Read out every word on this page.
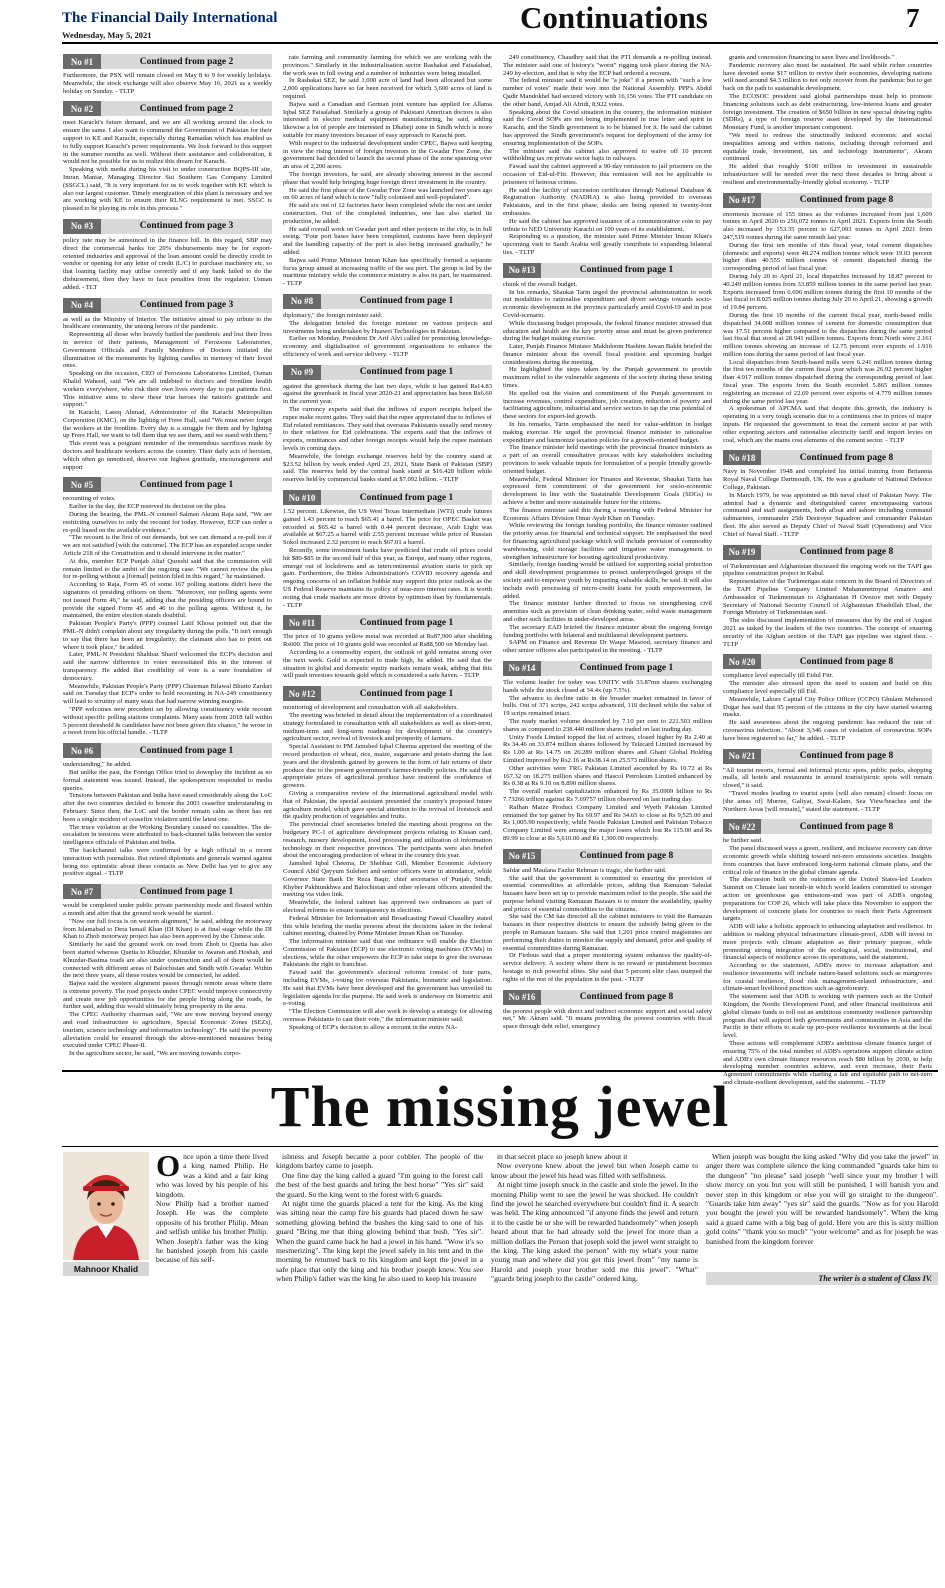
The Financial Daily International
Wednesday, May 5, 2021	Continuations	7
No #1	Continued from page 2

Furthermore, the PSX will remain closed on May 8 to 9 for weekly holidays. Meanwhile, the stock exchange will also observe May 16, 2021 as a weekly holiday on Sunday. - TLTP

No #2	Continued from page 2

meet Karachi's future demand, and we are all working around the clock to ensure the same. I also want to commend the Government of Pakistan for their support to KE and Karachi, especially during Ramadan which has enabled us to fully support Karachi's power requirements. We look forward to this support in the summer months as well. Without their assistance and collaboration, it would not be possible for us to realize this dream for Karachi.

Speaking with media during his visit to under construction BQPS-III site, Imran Maniar, Managing Director Sui Southern Gas Company Limited (SSGCL) said, "It is very important for us to work together with KE which is also our largest customer. Timely energization of this plant is necessary and we are working with KE to ensure their RLNG requirement is met. SSGC is pleased to be playing its role in this process."

No #3	Continued from page 3

policy rate may be announced in the finance bill. In this regard, SBP may direct the commercial banks for 20% disbursements may be for export-oriented industries and approval of the loan amount could be directly credit to vendor or opening for any letter of credit (L/C) to purchase machinery etc. so that loaning facility may utilise correctly and if any bank failed to do the disbursement, then they have to face penalties from the regulator. Usman added. - TLT

No #4	Continued from page 3

as well as the Ministry of Interior. The initiative aimed to pay tribute to the healthcare community, the unsung heroes of the pandemic.

Representing all those who bravely battled the pandemic and lost their lives in service of their patients, Management of Ferozsons Laboratories, Government Officials and Family Members of Doctors initiated the illumination of the monuments by lighting candles in memory of their loved ones.

Speaking on the occasion, CEO of Ferozsons Laboratories Limited, Osman Khalid Waheed, said "We are all indebted to doctors and frontline health workers everywhere, who risk their own lives every day to put patients first. This initiative aims to show these true heroes the nation's gratitude and support."

In Karachi, Laeeq Ahmad, Administrator of the Karachi Metropolitan Corporation (KMC), on the lighting of Frere Hall, said "We must never forget the workers at the frontline. Every day is a struggle for them and by lighting up Frere Hall, we want to tell them that we see them, and we stand with them."

This event was a poignant reminder of the tremendous sacrifices made by doctors and healthcare workers across the country. Their daily acts of heroism, which often go unnoticed, deserve our highest gratitude, encouragement and support

No #5	Continued from page 1

recounting of votes.

Earlier in the day, the ECP reserved its decision on the plea.

During the hearing, the PML-N counsel Salman Akram Raja said, "We are restricting ourselves to only the recount for today. However, ECP can order a re-poll based on the available evidence."

"The recount is the first of our demands, but we can demand a re-poll too if we are not satisfied [with the outcome]. The ECP has an expanded scope under Article 218 of the Constitution and it should intervene in the matter."

At this, member ECP Punjab Altaf Qureshi said that the commission will remain limited to the ambit of the ongoing case. "We cannot review the plea for re-polling without a [formal] petition filed in this regard," he maintained.

According to Raja, Form 45 of some 167 polling stations didn't have the signatures of presiding officers on them. "Moreover, our polling agents were not issued Form 46," he said, adding that the presiding officers are bound to provide the signed Form 45 and 46 to the polling agents. Without it, he maintained, the entire election stands doubtful.

Pakistan People's Party's (PPP) counsel Latif Khosa pointed out that the PML-N didn't complain about any irregularity during the polls. "It isn't enough to say that there has been an irregularity; the claimant also has to point out where it took place," he added.

Later, PML-N President Shahbaz Sharif welcomed the ECP's decision and said the narrow difference in votes necessitated this in the interest of transparency. He added that credibility of vote is a sure foundation of democracy.

Meanwhile, Pakistan People's Party (PPP) Chairman Bilawal Bhutto Zardari said on Tuesday that ECP's order to hold recounting in NA-249 constituency will lead to scrutiny of many seats that had narrow winning margins.

"PPP welcomes new precedent set by allowing constituency wide recount without specific polling stations complaints. Many seats from 2018 fall within 5 percent threshold & candidates have not been given this chance," he wrote in a tweet from his official handle. - TLTP

No #6	Continued from page 1

understanding," he added.

But unlike the past, the Foreign Office tried to downplay the incident as no formal statement was issued. Instead, the spokesperson responded to media queries.

Tensions between Pakistan and India have eased considerably along the LoC after the two countries decided to honour the 2003 ceasefire understanding in February. Since then, the LoC and the border remain calm as there has not been a single incident of ceasefire violation until the latest one.

The truce violation at the Working Boundary caused no casualties. The de-escalation in tensions were attributed to back-channel talks between the senior intelligence officials of Pakistan and India.

The backchannel talks were confirmed by a high official in a recent interaction with journalists. But retired diplomats and generals warned against being too optimistic about these contacts as New Delhi has yet to give any positive signal. - TLTP

No #7	Continued from page 1

would be completed under public private partnership mode and floated within a month and after that the ground work would be started.

"Now our full focus is on western alignment," he said, adding the motorway from Islamabad to Dera Ismail Khan (DI Khan) is at final stage while the DI Khan to Zhob motorway project has also been approved by the Chinese side.

Similarly he said the ground work on road from Zhob to Quetta has also been started whereas Quetta to Khuzdar, Khuzdar to Awaran and Hoshab, and Khuzdar-Basima roads are also under construction and all of them would be connected with different areas of Balochistan and Sindh with Gwadar. Within the next three years, all these routes would be connected, he added.

Bajwa said the western alignment passes through remote areas where there is extreme poverty. The road projects under CPEC would improve connectivity and create new job opportunities for the people living along the roads, he further said, adding this would ultimately bring prosperity in the area.

The CPEC Authority chairman said, "We are now moving beyond energy and road infrastructure to agriculture, Special Economic Zones (SEZs), tourism, science technology and information technology". He said the poverty alleviation could be ensured through the above-mentioned measures being executed under CPEC Phase-II.

In the agriculture sector, he said, "We are moving towards corpo-

rate farming and community farming for which we are working with the provinces." Similarly in the industrialisation sector Rashakai and Faisalabad, the work was in full swing and a number of industries were being installed.

In Rashakai SEZ, he said 1,000 acre of land had been allocated but some 2,000 applications have so far been received for which 3,600 acres of land is required.

Bajwa said a Canadian and German joint venture has applied for Allama Iqbal SEZ Faisalabad. Similarly a group of Pakistani American doctors is also interested in electro medical equipment manufacturing, he said, adding likewise a lot of people are interested in Dhabeji zone in Sindh which is more suitable for many investors because of easy approach to Karachi port.

With respect to the industrial development under CPEC, Bajwa said keeping in view the rising interest of foreign investors in the Gwadar Free Zone, the government had decided to launch the second phase of the zone spanning over an area of 2,200 acres.

The foreign investors, he said, are already showing interest in the second phase that would help bringing huge foreign direct investment in the country.

He said the first phase of the Gwadar Free Zone was launched two years ago on 60 acres of land which is now "fully colonised and well-populated".

He said six out of 12 factories have been completed while the rest are under construction. Out of the completed industries, one has also started its production, he added.

He said overall work on Gwadar port and other projects in the city, is in full swing. "Four port bases have been completed, customs have been deployed and the handling capacity of the port is also being increased gradually," he added.

Bajwa said Prime Minister Imran Khan has specifically formed a separate focus group aimed at increasing traffic of the sea port. The group is led by the maritime ministry while the commerce ministry is also its part, he maintained. - TLTP

No #8	Continued from page 1

diplomacy," the foreign minister said.

The delegation briefed the foreign minister on various projects and investments being undertaken by Huawei Technologies in Pakistan.

Earlier on Monday, President Dr Arif Alvi called for promoting knowledge-economy and digitalisation of government organisations to enhance the efficiency of work and service delivery. - TLTP

No #9	Continued from page 1

against the greenback during the last two days, while it has gained Rs14.83 against the greenback in fiscal year 2020-21 and appreciation has been Rs6.60 in the current year.

The currency experts said that the inflows of export receipts helped the rupee make recent gains. They said that the rupee appreciated due to inflows of Eid related remittances. They said that overseas Pakistanis usually send money to their relatives for Eid celebrations. The experts said that the inflows of exports, remittances and other foreign receipts would help the rupee maintain levels in coming days.

Meanwhile, the foreign exchange reserves held by the country stand at $23.52 billion by week ended April 23, 2021, State Bank of Pakistan (SBP) said. The reserves held by the central bank stand at $16.428 billion while reserves held by commercial banks stand at $7.092 billion. - TLTP

No #10	Continued from page 1

1.52 percent. Likewise, the US West Texas Intermediate (WTI) crude futures gained 1.43 percent to reach $65.41 a barrel. The price for OPEC Basket was recorded at $65.42 a barrel with 0.44 percent decrease, Arab Light was available at $67.25 a barrel with 2.55 percent increase while price of Russian Sokol increased 2.32 percent to reach $67.01 a barrel.

Recently, some investment banks have predicted that crude oil prices could hit $80-$85 in the second half of this year, as Europe, and many other regions, emerge out of lockdowns and as intercontinental aviation starts to pick up gain. Furthermore, the Biden Administration's COVID recovery agenda and ongoing concerns of an inflation bubble may support this price outlook as the US Federal Reserve maintains its policy of near-zero interest rates. It is worth noting that crude markets are more driven by optimism than by fundamentals. - TLTP

No #11	Continued from page 1

The price of 10 grams yellow metal was recorded at Rs87,900 after shedding Rs600. The price of 10 grams gold was recorded at Rs88,500 on Monday last.

According to a commodity expert, the outlook of gold remains strong over the next week. Gold is expected to trade high, he added. He said that the situation in global and domestic equity markets remain weak, adding that this will push investors towards gold which is considered a safe haven. - TLTP

No #12	Continued from page 1

monitoring of development and consultation with all stakeholders.

The meeting was briefed in detail about the implementation of a coordinated strategy formulated in consultation with all stakeholders as well as short-term, medium-term and long-term roadmap for development of the country's agriculture sector, revival of livestock and prosperity of farmers.

Special Assistant to PM Jamshed Iqbal Cheema apprised the meeting of the record production of wheat, rice, maize, sugarcane and potato during the last years and the dividends gained by growers in the form of fair returns of their produce due to the present government's farmer-friendly policies. He said that appropriate prices of agricultural produce have restored the confidence of growers.

Giving a comparative review of the international agricultural model with that of Pakistan, the special assistant presented the country's proposed future agriculture model, which gave special attention to the revival of livestock and the quality production of vegetables and fruits.

The provincial chief secretaries briefed the meeting about progress on the budgetary PC-1 of agriculture development projects relating to Kissan card, research, nursery development, food processing and utilization of information technology in their respective provinces. The participants were also briefed about the encouraging production of wheat in the country this year.

Jamshed Iqbal Cheema, Dr Shehbaz Gill, Member Economic Advisory Council Abid Qayyum Suleheri and senior officers were in attendance, while Governor State Bank Dr Reza Baqir, chief secretaries of Punjab, Sindh, Khyber Pakhtunkhwa and Balochistan and other relevant officers attended the meeting via video link.

Meanwhile, the federal cabinet has approved two ordinances as part of electoral reforms to ensure transparency in elections.

Federal Minister for Information and Broadcasting Fawad Chaudhry stated this while briefing the media persons about the decisions taken in the federal cabinet meeting, chaired by Prime Minister Imran Khan on Tuesday.

The information minister said that one ordinance will enable the Election Commission of Pakistan (ECP) to use electronic voting machines (EVMs) in elections, while the other empowers the ECP to take steps to give the overseas Pakistanis the right to franchise.

Fawad said the government's electoral reforms consist of four parts, including EVMs, i-voting for overseas Pakistanis, biometric and legislation. He said that EVMs have been developed and the government has unveiled its legislation agenda for the purpose. He said work is underway on biometric and e-voting.

"The Election Commission will also work to develop a strategy for allowing overseas Pakistanis to cast their vote," the information minister said.

Speaking of ECP's decision to allow a recount in the entire NA-

249 constituency, Chaudhry said that the PTI demands a re-polling instead. The minister said one of history's "worst" rigging took place during the NA-249 by-election, and that is why the ECP had ordered a recount.

The federal minister said it would be "a joke" if a person with "such a low number of votes" made their way into the National Assembly. PPP's Abdul Qadir Mandokhel had secured victory with 16,156 votes. The PTI candidate on the other hand, Amjad Ali Afridi, 8,922 votes.

Speaking about the Covid situation in the country, the information minister said the Covid SOPs are not being implemented in true letter and spirit in Karachi, and the Sindh government is to be blamed for it. He said the cabinet has approved the Sindh government's request for deployment of the army for ensuring implementation of the SOPs.

The minister said the cabinet also approved to waive off 10 percent withholding tax on private sector hajis in railways.

Fawad said the cabinet approved a 90-day remission to jail prisoners on the occasion of Eid-ul-Fitr. However, this remission will not be applicable to prisoners of heinous crimes.

He said the facility of succession certificates through National Database & Registration Authority (NADRA) is also being provided to overseas Pakistanis, and in the first phase, desks are being opened in twenty-four embassies.

He said the cabinet has approved issuance of a commemorative coin to pay tribute to NED University Karachi on 100 years of its establishment.

Responding to a question, the minister said Prime Minister Imran Khan's upcoming visit to Saudi Arabia will greatly contribute to expanding bilateral ties. - TLTP

No #13	Continued from page 1

chunk of the overall budget.

In his remarks, Shaukat Tarin urged the provincial administration to work out modalities to rationalise expenditure and divert savings towards socio-economic development in the province particularly amid Covid-19 and in post Covid-scenario.

While discussing budget proposals, the federal finance minister stressed that education and health are the key priority areas and must be given preference during the budget making exercise.

Later, Punjab Finance Minister Makhdoom Hashim Jawan Bakht briefed the finance minister about the overall fiscal position and upcoming budget considerations during the meeting.

He highlighted the steps taken by the Punjab government to provide maximum relief to the vulnerable segments of the society during these testing times.

He spelled out the vision and commitment of the Punjab government to increase revenues, control expenditure, job creation, reduction of poverty and facilitating agriculture, industrial and service sectors to tap the true potential of these sectors for export-led growth.

In his remarks, Tarin emphasised the need for value-addition in budget making exercise. He urged the provincial finance minister to rationalise expenditure and harmonize taxation policies for a growth-oriented budget.

The finance minister held meetings with the provincial finance ministers as a part of an overall consultative process with key stakeholders including provinces to seek valuable inputs for formulation of a people friendly growth-oriented budget.

Meanwhile, Federal Minister for Finance and Revenue, Shaukat Tarin has expressed firm commitment of the government for socio-economic development in line with the Sustainable Development Goals (SDGs) to achieve a better and more sustainable future for the citizens.

The finance minister said this during a meeting with Federal Minister for Economic Affairs Division Omar Ayub Khan on Tuesday.

While reviewing the foreign funding portfolio, the finance minister outlined the priority areas for financial and technical support. He emphasised the need for financing agricultural package which will include provision of commodity warehousing, cold storage facilities and irrigation water management to strengthen infrastructure for boosting agricultural productivity.

Similarly, foreign funding would be utilised for supporting social protection and skill development programmes to protect underprivileged groups of the society and to empower youth by imparting valuable skills, he said. It will also include swift processing of micro-credit loans for youth empowerment, he added.

The finance minister further directed to focus on strengthening civil amenities such as provision of clean drinking water, solid waste management and other such facilities in under-developed areas.

The secretary EAD briefed the finance minister about the ongoing foreign funding portfolio with bilateral and multilateral development partners.

SAPM on Finance and Revenue Dr Waqar Masood, secretary finance and other senior officers also participated in the meeting. - TLTP

No #14	Continued from page 1

The volume leader for today was UNITY with 33.87mn shares exchanging hands while the stock closed at 34.4x (up 7.5%).

The advance to decline ratio in the broader market remained in favor of bulls. Out of 371 scrips, 242 scrips advanced, 110 declined while the value of 19 scrips remained intact.

The ready market volume descended by 7.10 per cent to 221.503 million shares as compared to 238.440 million shares traded on last trading day.

Unity Foods Limited topped the list of actives, closed higher by Rs 2.40 at Rs 34.46 on 33.874 million shares followed by Telecard Limited increased by Rs 1.00 at Rs 14.75 on 26.289 million shares and Ghani Global Holding Limited improved by Rs2.16 at Rs38.14 on 25.573 million shares.

Other activities were TRG Pakistan Limited ascended by Rs 10.72 at Rs 167.32 on 18.275 million shares and Hascol Petroleum Limited enhanced by Rs 0.38 at Rs 9.10 on 8.890 million shares.

The overall market capitalization enhanced by Rs 35.0909 billion to Rs 7.73266 trillion against Rs 7.69757 trillion observed on last trading day.

Rafhan Maize Product Company Limited and Wyeth Pakistan Limited remained the top gainer by Rs 69.97 and Rs 34.65 to close at Rs 9,525.00 and Rs 1,005.90 respectively, while Nestle Pakistan Limited and Pakistan Tobacco Company Limited were among the major losers which lost Rs 115.00 and Rs 89.99 to close at Rs 5,610.00 and Rs 1,300.00 respectively.

No #15	Continued from page 8

Safdar and Maulana Fazlur Rehman is tragic, she further said.

She said that the government is committed to ensuring the provision of essential commodities at affordable prices, adding that Ramazan Sahulat bazaars have been set up to provide maximum relief to the people. She said the purpose behind visiting Ramazan Bazaars is to ensure the availability, quality and prices of essential commodities to the citizens.

She said the CM has directed all the cabinet ministers to visit the Ramazan bazaars in their respective districts to ensure the subsidy being given to the people in Ramazan bazaars. She said that 1,201 price control magistrates are performing their duties to monitor the supply and demand, price and quality of essential commodities during Ramazan.

Dr Firdous said that a proper monitoring system enhances the quality-of-service delivery. A society where there is no reward or punishment becomes hostage to rich powerful elites. She said that 5 percent elite class usurped the rights of the rest of the population in the past. - TLTP

No #16	Continued from page 8

the poorest people with direct and indirect economic support and social safety net," Mr. Akram said. "It means providing the poorest countries with fiscal space through debt relief, emergency

grants and concession financing to save lives and livelihoods."

Pandemic recovery also must be sustained. He said while richer countries have devoted some $17 trillion to revive their economies, developing nations will need around $4.3 trillion to not only recover from the pandemic but to get back on the path to sustainable development.

The ECOSOC president said global partnerships must help to promote financing solutions such as debt restructuring, low-interest loans and greater foreign investment. The creation of $650 billion in new special drawing rights (SDRs), a type of foreign reserve asset developed by the International Monetary Fund, is another important component.

"We need to redress the structurally induced economic and social inequalities among and within nations, including through reformed and equitable trade, investment, tax and technology instruments", Akram continued.

He added that roughly $100 trillion in investment in sustainable infrastructure will be needed over the next three decades to bring about a resilient and environmentally-friendly global economy. - TLTP

No #17	Continued from page 8

enormous increase of 155 times as the volumes increased from just 1,609 tonnes in April 2020 to 250,072 tonnes in April 2021. Exports from the South also increased by 153.35 percent to 627,093 tonnes in April 2021 from 247,519 tonnes during the same month last year.

During the first ten months of this fiscal year, total cement dispatches (domestic and exports) were 48.274 million tonnes which were 19.03 percent higher than 40.555 million tonnes of cement dispatched during the corresponding period of last fiscal year.

During July 20 to April 21, local dispatches increased by 18.87 percent to 40.249 million tonnes from 33.859 million tonnes in the same period last year. Exports increased from 6.696 million tonnes during the first 10 months of the last fiscal to 8.025 million tonnes during July 20 to April 21, showing a growth of 19.84 percent.

During the first 10 months of the current fiscal year, north-based mills dispatched 34.008 million tonnes of cement for domestic consumption that was 17.51 percent higher compared to the dispatches during the same period last fiscal that stood at 28.941 million tonnes. Exports from North were 2.161 million tonnes showing an increase of 12.75 percent over exports of 1.916 million tons during the same period of last fiscal year.

Local dispatches from South-based mills were 6.241 million tonnes during the first ten months of the current fiscal year which was 26.92 percent higher than 4.917 million tonnes dispatched during the corresponding period of last fiscal year. The exports from the South recorded 5.865 million tonnes registering an increase of 22.69 percent over exports of 4.779 million tonnes during the same period last year.

A spokesman of APCMA said that despite this growth, the industry is operating in a very tough scenario due to a continuous rise in prices of major inputs. He requested the government to treat the cement sector at par with other exporting sectors and rationalise electricity tariff and import levies on coal, which are the mains cost elements of the cement sector. - TLTP

No #18	Continued from page 8

Navy in November 1948 and completed his initial training from Britannia Royal Naval College Dartmouth, UK. He was a graduate of National Defence College, Pakistan.

In March 1979, he was appointed as 8th naval chief of Pakistan Navy. The admiral had a dynamic and distinguished career encompassing various command and staff assignments, both afloat and ashore including command submarines, commander 25th Destroyer Squadron and commander Pakistan fleet. He also served as Deputy Chief of Naval Staff (Operations) and Vice Chief of Naval Staff. - TLTP

No #19	Continued from page 8

of Turkmenistan and Afghanistan discussed the ongoing work on the TAPI gas pipeline construction project in Kabul.

Representative of the Turkmengas state concern in the Board of Directors of the TAPI Pipeline Company Limited Muhammetmyrat Amanov and Ambassador of Turkmenistan to Afghanistan H Ovezov met with Deputy Secretary of National Security Council of Afghanistan Ebadullah Ebad, the Foreign Ministry of Turkmenistan said.

The sides discussed implementation of measures due by the end of August 2021 as tasked by the leaders of the two countries. The concept of ensuring security of the Afghan section of the TAPI gas pipeline was signed then. - TLTP

No #20	Continued from page 8

compliance level especially till Eidul Fitr.

The minister also stressed upon the need to sustain and build on this compliance level especially till Eid.

Meanwhile, Lahore Capital City Police Officer (CCPO) Ghulam Mehmood Dogar has said that 95 percent of the citizens in the city have started wearing masks.

He said awareness about the ongoing pandemic has reduced the rate of coronavirus infection. "About 3,346 cases of violation of coronavirus SOPs have been registered so far," he added. - TLTP

No #21	Continued from page 8

"All tourist resorts, formal and informal picnic spots, public parks, shopping malls, all hotels and restaurants in around tourist/picnic spots will remain closed," it said.

"Travel modes leading to tourist spots [will also remain] closed: focus on [the areas of] Murree, Galiyat, Swat-Kalam, Sea View/beaches and the Northern Areas [will remain]," stated the statement. - TLTP

No #22	Continued from page 8

he further said.

The panel discussed ways a green, resilient, and inclusive recovery can drive economic growth while shifting toward net-zero emissions societies. Insights from countries that have embraced long-term national climate plans, and the critical role of finance in the global climate agenda.

The discussion built on the outcomes of the United States-led Leaders Summit on Climate last month-in which world leaders committed to stronger action on greenhouse gas emissions-and was part of ADB's ongoing preparations for COP 26, which will take place this November to support the development of concrete plans for countries to reach their Paris Agreement targets.

ADB will take a holistic approach to enhancing adaptation and resilience. In addition to making physical infrastructure climate-proof, ADB will invest in more projects with climate adaptation as their primary purpose, while promoting strong integration of the ecological, social, institutional, and financial aspects of resilience across its operations, said the statement.

According to the statement, ADB's move to increase adaptation and resilience investments will include nature-based solutions such as mangroves for coastal resilience, flood risk management-related infrastructure, and climate-smart livelihood practices such as agroforestry.

The statement said that ADB is working with partners such as the United Kingdom, the Nordic Development Fund, and other financial institutions and global climate funds to roll out an ambitious community resilience partnership program that will support both governments and communities in Asia and the Pacific in their efforts to scale up pro-poor resilience investments at the local level.

These actions will complement ADB's ambitious climate finance target of ensuring 75% of the total number of ADB's operations support climate action and ADB's own climate finance resources reach $80 billion by 2030, to help developing member countries achieve, and even increase, their Paris Agreement commitments while charting a fair and equitable path to net-zero and climate-resilient development, said the statement. - TLTP

The missing jewel
Mahnoor Khalid

Once upon a time there lived a king named Philip. He was a kind and a fair king who was loved by his people of his kingdom.

Now Philip had a brother named Joseph. He was the complete opposite of his brother Philip. Mean and selfish unlike his brother Philip. When Joseph's father was the king he banished joseph from his castle because of his self-

ishness and Joseph became a poor cobbler. The people of the kingdom barley came to joseph.

One fine day the king called a guard "I'm going to the forest call the best of the best guards and bring the best horse" "Yes sir" said the guard. So the king went to the forest with 6 guards.

At night time the guards placed a tent for the king. As the king was sitting near the camp fire his guards had placed down he saw something glowing behind the bushes the king said to one of his guard "Bring me that thing glowing behind that bush. "Yes sir". When the guard came back he had a jewel in his hand. "Wow it's so mesmerizing". The king kept the jewel safely in his tent and in the morning he returned back to his kingdom and kept the jewel in a safe place that only the king and his brother joseph knew. You see when Philip's father was the king he also used to keep his treasure

in that secret place so joseph knew about it

Now everyone knew about the jewel but when Joseph came to know about the jewel his head was filled with selfishness.

At night time joseph snuck in the castle and stole the jewel. In the morning Philip went to see the jewel he was shocked. He couldn't find the jewel he searched everywhere but couldn't find it. A search was held. The king announced "if anyone finds the jewel and return it to the castle he or she will be rewarded handsomely" when joseph heard about that he had already sold the jewel for more than a million dollars the Person that joseph sold the jewel went straight to the king. The king asked the person" with my what's your name young man and where did you get this jewel from" "my name is Harold and joseph your brother sold me this jewel". "What" "guards bring joseph to the castle" ordered king.

When joseph was bought the king asked "Why did you take the jewel" in anger there was complete silence the king commanded "guards take him to the dungeon" "no please" said joseph "well since your my brother I will show mercy on you but you will still be punished, I will banish you and never step in this kingdom or else you will go straight to the dungeon". "Guards take him away" "yes sir" said the guards. "Now as for you Harold you bought the jewel you will be rewarded handsomely". When the king said a guard came with a big bag of gold. Here you are this is sixty million gold coins" "thank you so much" "your welcome" and as for joseph he was banished from the kingdom forever

The writer is a student of Class IV.
